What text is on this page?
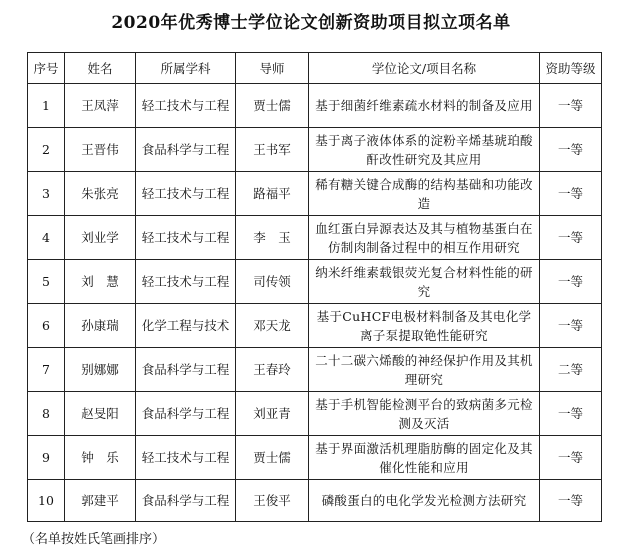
2020年优秀博士学位论文创新资助项目拟立项名单
序号	姓名	所属学科	导师	学位论文/项目名称	资助等级
1	王凤萍	轻工技术与工程	贾士儒	基于细菌纤维素疏水材料的制备及应用	一等
2	王晋伟	食品科学与工程	王书军	基于离子液体体系的淀粉辛烯基琥珀酸酐改性研究及其应用	一等
3	朱张亮	轻工技术与工程	路福平	稀有糖关键合成酶的结构基础和功能改造	一等
4	刘业学	轻工技术与工程	李　玉	血红蛋白异源表达及其与植物基蛋白在仿制肉制备过程中的相互作用研究	一等
5	刘　慧	轻工技术与工程	司传领	纳米纤维素载银荧光复合材料性能的研究	一等
6	孙康瑞	化学工程与技术	邓天龙	基于CuHCF电极材料制备及其电化学离子泵提取铯性能研究	一等
7	别娜娜	食品科学与工程	王春玲	二十二碳六烯酸的神经保护作用及其机理研究	二等
8	赵旻阳	食品科学与工程	刘亚青	基于手机智能检测平台的致病菌多元检测及灭活	一等
9	钟　乐	轻工技术与工程	贾士儒	基于界面激活机理脂肪酶的固定化及其催化性能和应用	一等
10	郭建平	食品科学与工程	王俊平	磷酸蛋白的电化学发光检测方法研究	一等
（名单按姓氏笔画排序）
